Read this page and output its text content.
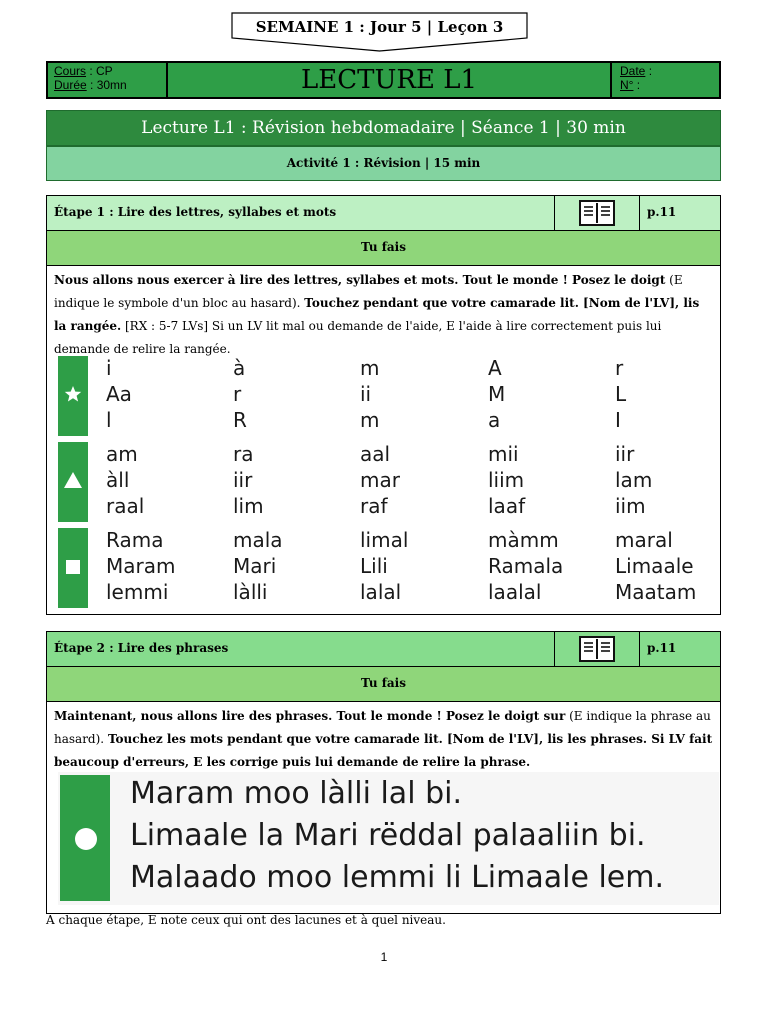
SEMAINE 1 : Jour 5 | Leçon 3
Cours : CP
Durée : 30mn	LECTURE L1	Date :
N° :
Lecture L1 : Révision hebdomadaire | Séance 1 | 30 min
Activité 1 : Révision | 15 min
Étape 1 : Lire des lettres, syllabes et mots	p.11
Tu fais
Nous allons nous exercer à lire des lettres, syllabes et mots. Tout le monde ! Posez le doigt (E indique le symbole d'un bloc au hasard). Touchez pendant que votre camarade lit. [Nom de l'LV], lis la rangée. [RX : 5-7 LVs] Si un LV lit mal ou demande de l'aide, E l'aide à lire correctement puis lui demande de relire la rangée.
i	à	m	A	r
Aa	r	ii	M	L
l	R	m	a	I
am	ra	aal	mii	iir
àll	iir	mar	liim	lam
raal	lim	raf	laaf	iim
Rama	mala	limal	màmm	maral
Maram	Mari	Lili	Ramala	Limaale
lemmi	làlli	lalal	laalal	Maatam
Étape 2 : Lire des phrases	p.11
Tu fais
Maintenant, nous allons lire des phrases. Tout le monde ! Posez le doigt sur (E indique la phrase au hasard). Touchez les mots pendant que votre camarade lit. [Nom de l'LV], lis les phrases. Si LV fait beaucoup d'erreurs, E les corrige puis lui demande de relire la phrase.
Maram moo làlli lal bi.
Limaale la Mari rëddal palaaliin bi.
Malaado moo lemmi li Limaale lem.
A chaque étape, E note ceux qui ont des lacunes et à quel niveau.
1
